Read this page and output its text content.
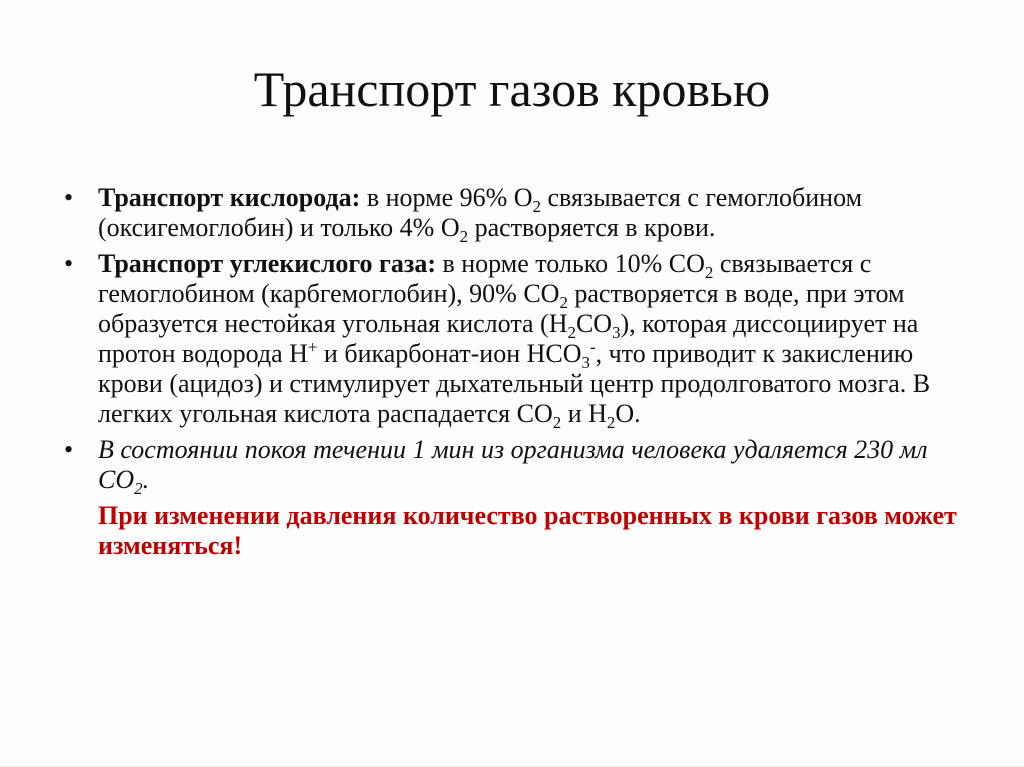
Транспорт газов кровью
• Транспорт кислорода: в норме 96% $O_2$ связывается с гемоглобином (оксигемоглобин) и только 4% $O_2$ растворяется в крови.
• Транспорт углекислого газа: в норме только 10% $СО_2$ связывается с гемоглобином (карбгемоглобин), 90% $СО_2$ растворяется в воде, при этом образуется нестойкая угольная кислота $(H_2CO_3)$, которая диссоциирует на протон водорода H+ и бикарбонат-ион $НСО_3^-$, что приводит к закислению крови (ацидоз) и стимулирует дыхательный центр продолговатого мозга. В легких угольная кислота распадается $СО_2$ и $H_2O$.
• В состоянии покоя течении 1 мин из организма человека удаляется 230 мл $СО_2$.
При изменении давления количество растворенных в крови газов может изменяться!
